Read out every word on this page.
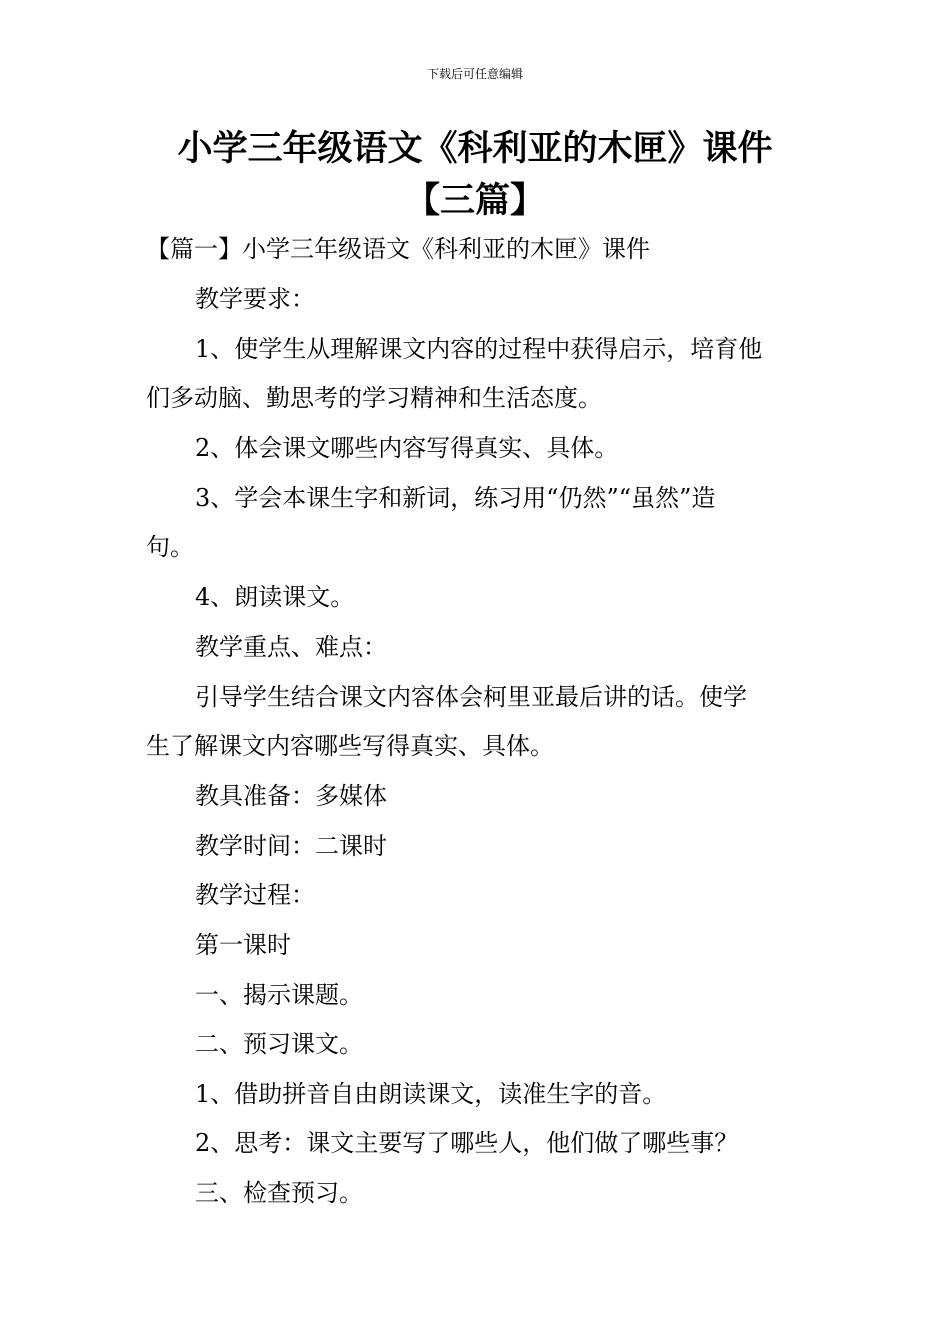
下载后可任意编辑
小学三年级语文《科利亚的木匣》课件
【三篇】
【篇一】小学三年级语文《科利亚的木匣》课件
教学要求：
1、使学生从理解课文内容的过程中获得启示，培育他
们多动脑、勤思考的学习精神和生活态度。
2、体会课文哪些内容写得真实、具体。
3、学会本课生字和新词，练习用“仍然”“虽然”造
句。
4、朗读课文。
教学重点、难点：
引导学生结合课文内容体会柯里亚最后讲的话。使学
生了解课文内容哪些写得真实、具体。
教具准备：多媒体
教学时间：二课时
教学过程：
第一课时
一、揭示课题。
二、预习课文。
1、借助拼音自由朗读课文，读准生字的音。
2、思考：课文主要写了哪些人，他们做了哪些事？
三、检查预习。
